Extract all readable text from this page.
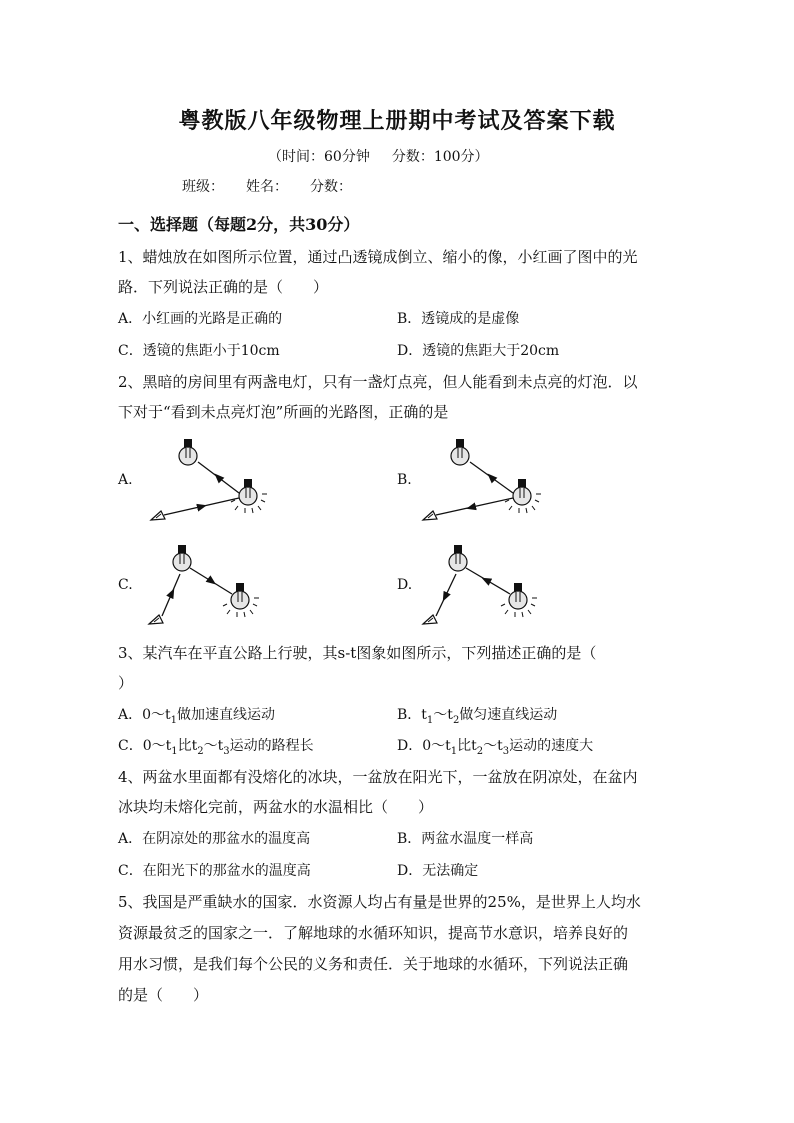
粤教版八年级物理上册期中考试及答案下载
（时间：60分钟 分数：100分）
班级： 姓名： 分数：
一、选择题（每题2分，共30分）
1、蜡烛放在如图所示位置，通过凸透镜成倒立、缩小的像，小红画了图中的光
路．下列说法正确的是（　　）
A．小红画的光路是正确的	B．透镜成的是虚像
C．透镜的焦距小于10cm	D．透镜的焦距大于20cm
2、黑暗的房间里有两盏电灯，只有一盏灯点亮，但人能看到未点亮的灯泡．以
下对于“看到未点亮灯泡”所画的光路图，正确的是
A.	B.
C.	D.
3、某汽车在平直公路上行驶，其s-t图象如图所示，下列描述正确的是（
）
A．$0\sim t_1$做加速直线运动	B．$t_1\sim t_2$做匀速直线运动
C．$0\sim t_1$比$t_2\sim t_3$运动的路程长	D．$0\sim t_1$比$t_2\sim t_3$运动的速度大
4、两盆水里面都有没熔化的冰块，一盆放在阳光下，一盆放在阴凉处，在盆内
冰块均未熔化完前，两盆水的水温相比（　　）
A．在阴凉处的那盆水的温度高	B．两盆水温度一样高
C．在阳光下的那盆水的温度高	D．无法确定
5、我国是严重缺水的国家．水资源人均占有量是世界的25%，是世界上人均水
资源最贫乏的国家之一．了解地球的水循环知识，提高节水意识，培养良好的
用水习惯，是我们每个公民的义务和责任．关于地球的水循环，下列说法正确
的是（　　）
